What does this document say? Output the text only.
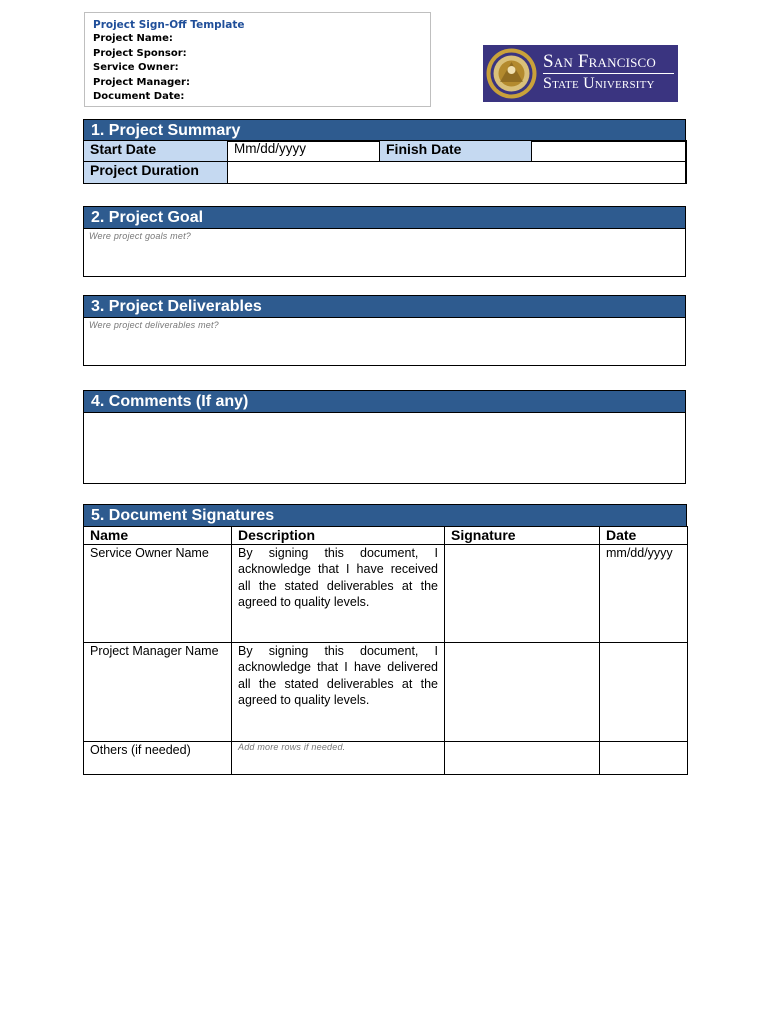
Project Sign-Off Template
Project Name:
Project Sponsor:
Service Owner:
Project Manager:
Document Date:
San Francisco
State University
1. Project Summary
Start Date	Mm/dd/yyyy	Finish Date	
Project Duration			
2. Project Goal
Were project goals met?
3. Project Deliverables
Were project deliverables met?
4. Comments (If any)
5. Document Signatures
Name	Description	Signature	Date
Service Owner Name	By signing this document, I acknowledge that I have received all the stated deliverables at the agreed to quality levels.		mm/dd/yyyy
Project Manager Name	By signing this document, I acknowledge that I have delivered all the stated deliverables at the agreed to quality levels.		
Others (if needed)	Add more rows if needed.		
